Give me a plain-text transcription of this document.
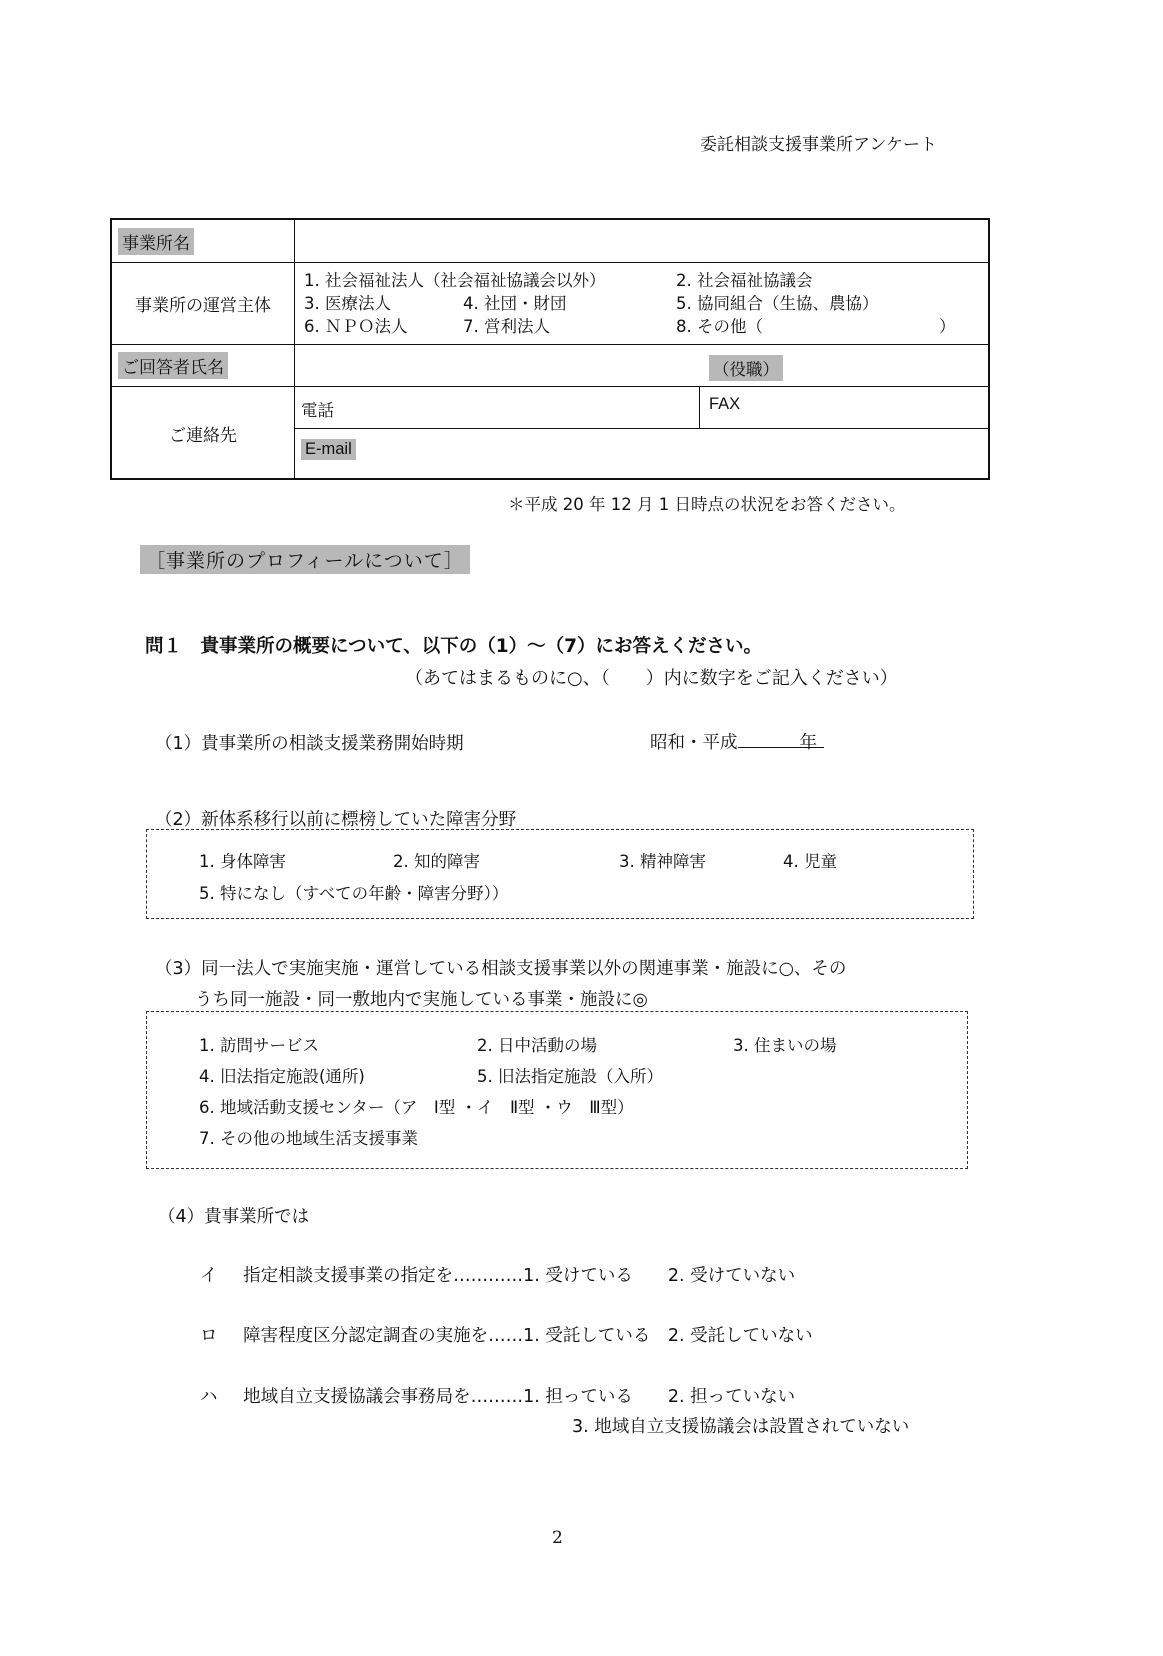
委託相談支援事業所アンケート
事業所名
事業所の運営主体
1. 社会福祉法人（社会福祉協議会以外）	2. 社会福祉協議会
3. 医療法人	4. 社団・財団	5. 協同組合（生協、農協）
6. ＮＰＯ法人	7. 営利法人	8. その他（	）
ご回答者氏名	（役職）
ご連絡先
電話	FAX
E-mail
＊平成 20 年 12 月 1 日時点の状況をお答ください。
［事業所のプロフィールについて］
問１　貴事業所の概要について、以下の（1）～（7）にお答えください。
（あてはまるものに○、（　　）内に数字をご記入ください）
（1）貴事業所の相談支援業務開始時期	昭和・平成	年
（2）新体系移行以前に標榜していた障害分野
1. 身体障害	2. 知的障害	3. 精神障害	4. 児童
5. 特になし（すべての年齢・障害分野））
（3）同一法人で実施実施・運営している相談支援事業以外の関連事業・施設に○、その
うち同一施設・同一敷地内で実施している事業・施設に◎
1. 訪問サービス	2. 日中活動の場	3. 住まいの場
4. 旧法指定施設(通所)	5. 旧法指定施設（入所）
6. 地域活動支援センター（ア　Ⅰ型 ・イ　Ⅱ型 ・ウ　Ⅲ型）
7. その他の地域生活支援事業
（4）貴事業所では
イ 指定相談支援事業の指定を…………1. 受けている　　2. 受けていない
ロ 障害程度区分認定調査の実施を……1. 受託している　2. 受託していない
ハ 地域自立支援協議会事務局を………1. 担っている　　2. 担っていない
3. 地域自立支援協議会は設置されていない
2
